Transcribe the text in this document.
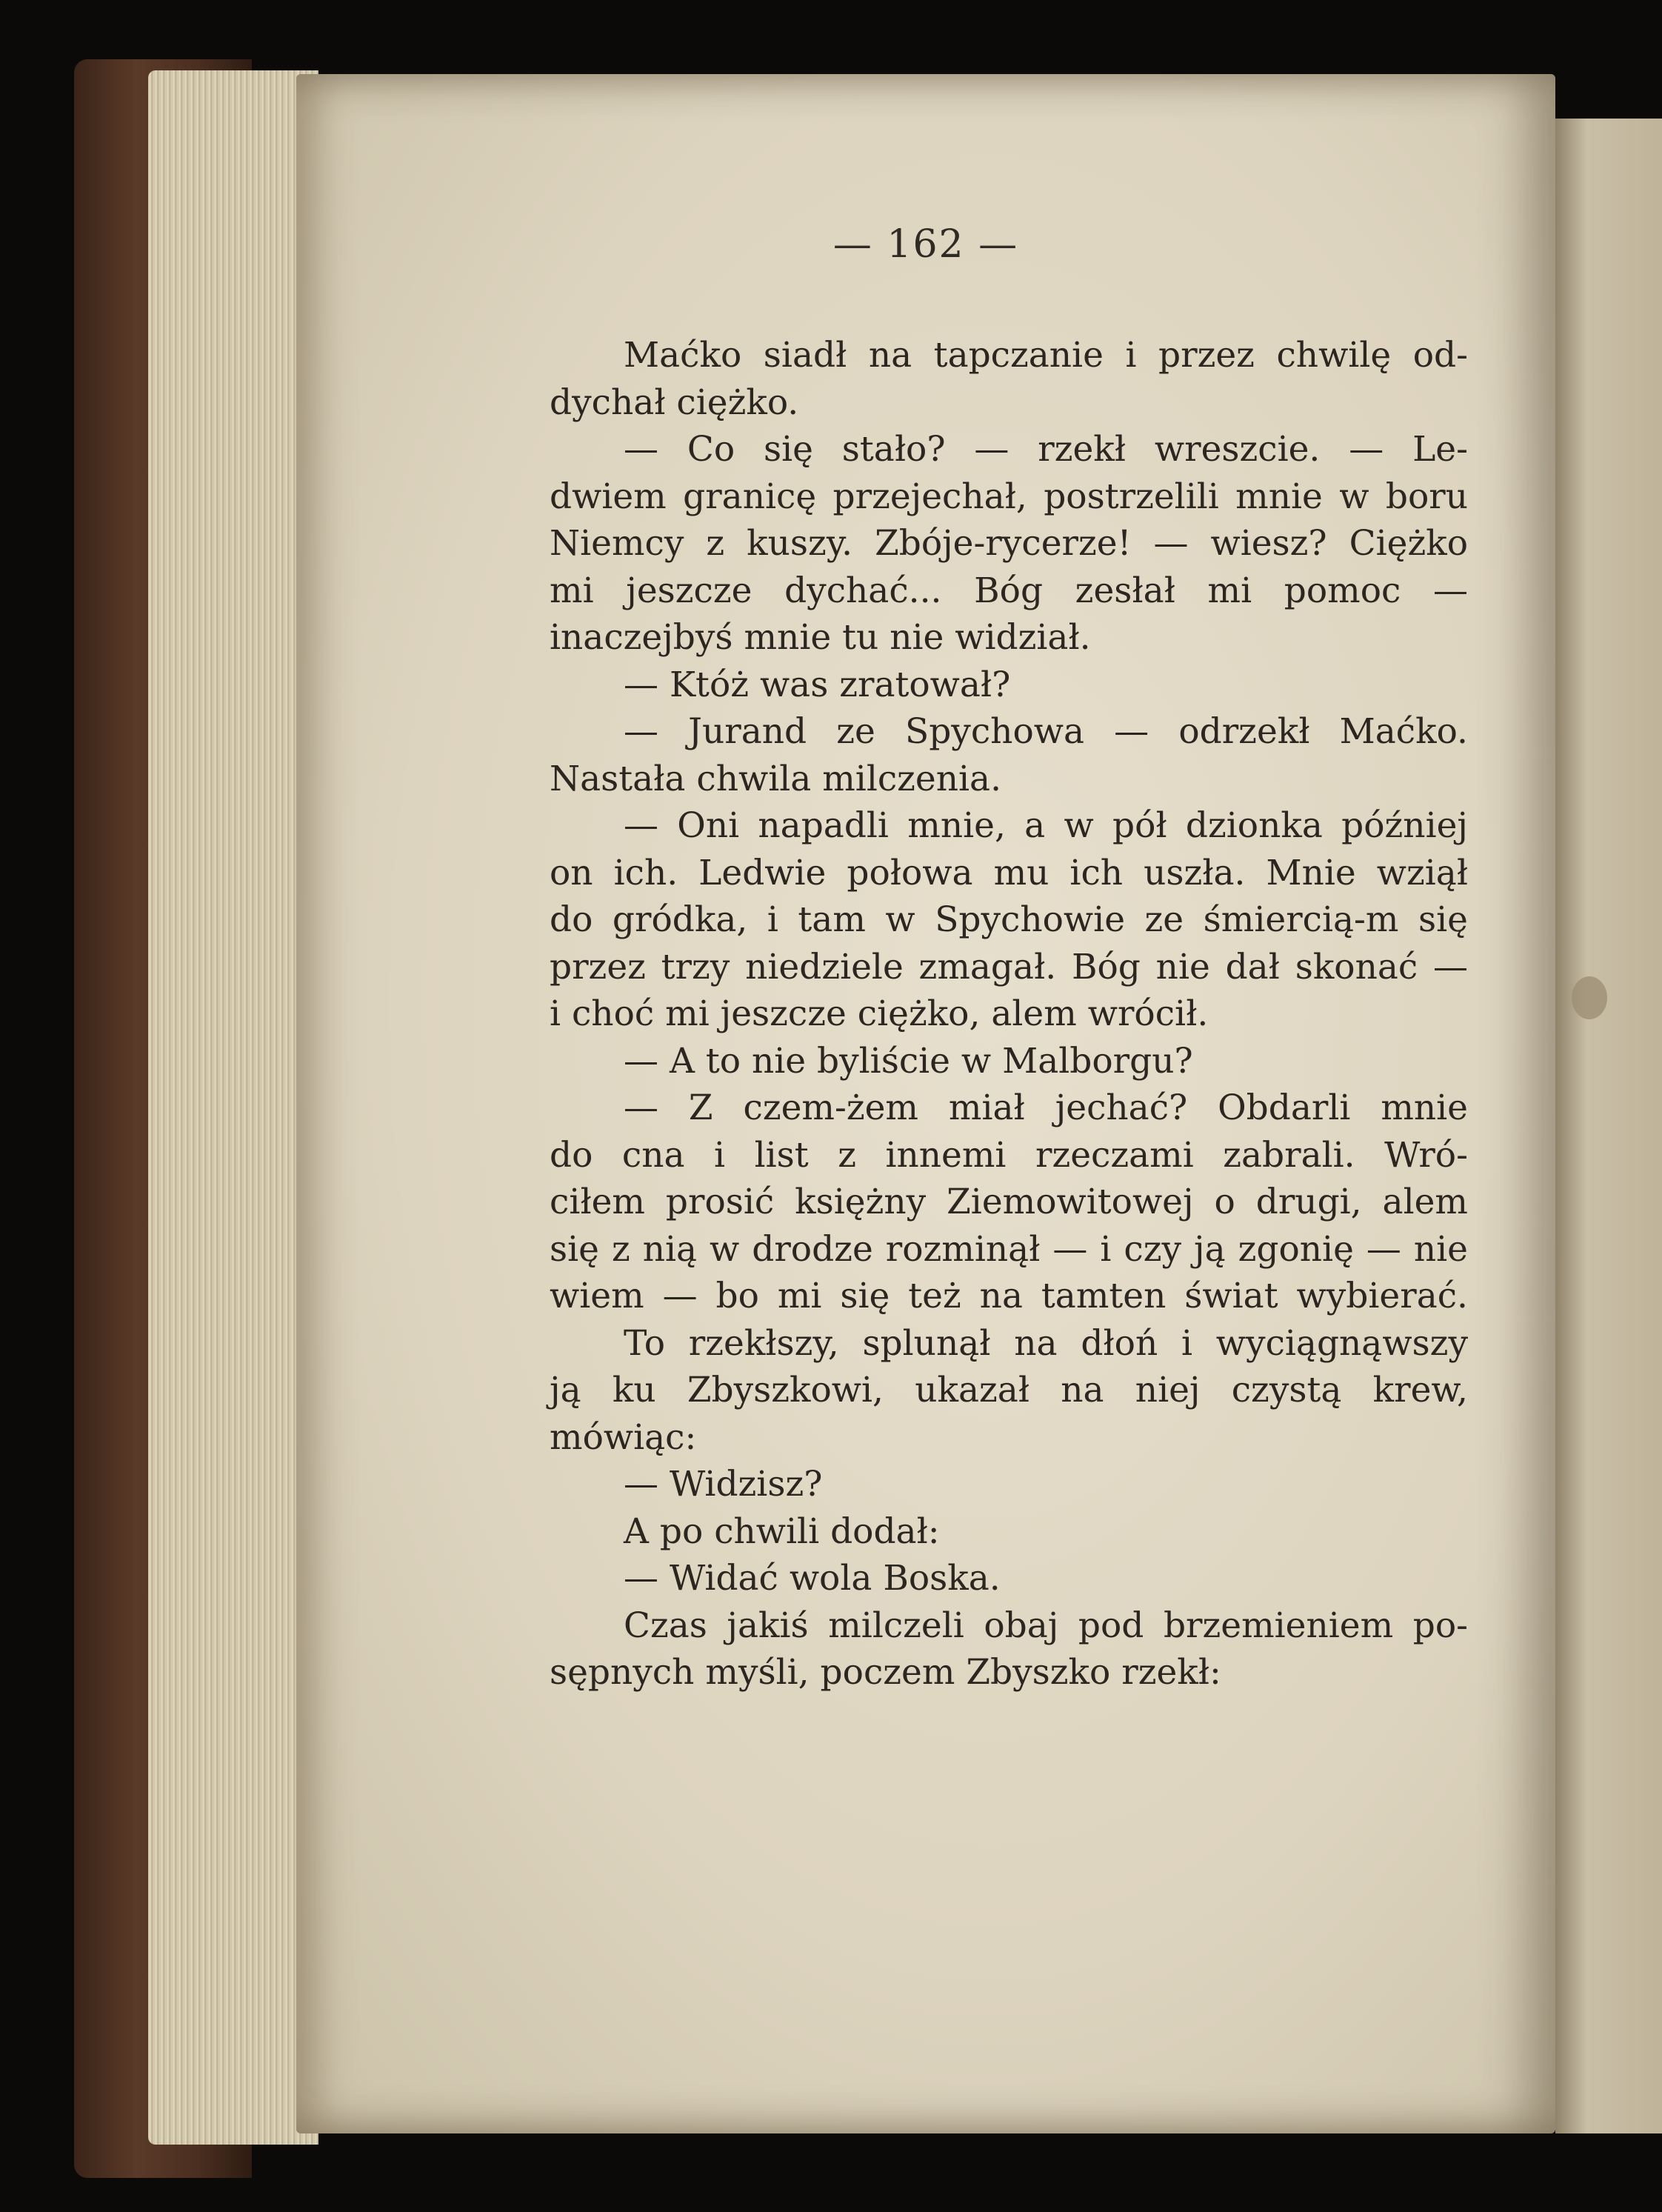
— 162 —
Maćko siadł na tapczanie i przez chwilę od-
dychał ciężko.
— Co się stało? — rzekł wreszcie. — Le-
dwiem granicę przejechał, postrzelili mnie w boru
Niemcy z kuszy. Zbóje-rycerze! — wiesz? Ciężko
mi jeszcze dychać... Bóg zesłał mi pomoc —
inaczejbyś mnie tu nie widział.
— Któż was zratował?
— Jurand ze Spychowa — odrzekł Maćko.
Nastała chwila milczenia.
— Oni napadli mnie, a w pół dzionka później
on ich. Ledwie połowa mu ich uszła. Mnie wziął
do gródka, i tam w Spychowie ze śmiercią-m się
przez trzy niedziele zmagał. Bóg nie dał skonać —
i choć mi jeszcze ciężko, alem wrócił.
— A to nie byliście w Malborgu?
— Z czem-żem miał jechać? Obdarli mnie
do cna i list z innemi rzeczami zabrali. Wró-
ciłem prosić księżny Ziemowitowej o drugi, alem
się z nią w drodze rozminął — i czy ją zgonię — nie
wiem — bo mi się też na tamten świat wybierać.
To rzekłszy, splunął na dłoń i wyciągnąwszy
ją ku Zbyszkowi, ukazał na niej czystą krew,
mówiąc:
— Widzisz?
A po chwili dodał:
— Widać wola Boska.
Czas jakiś milczeli obaj pod brzemieniem po-
sępnych myśli, poczem Zbyszko rzekł:
